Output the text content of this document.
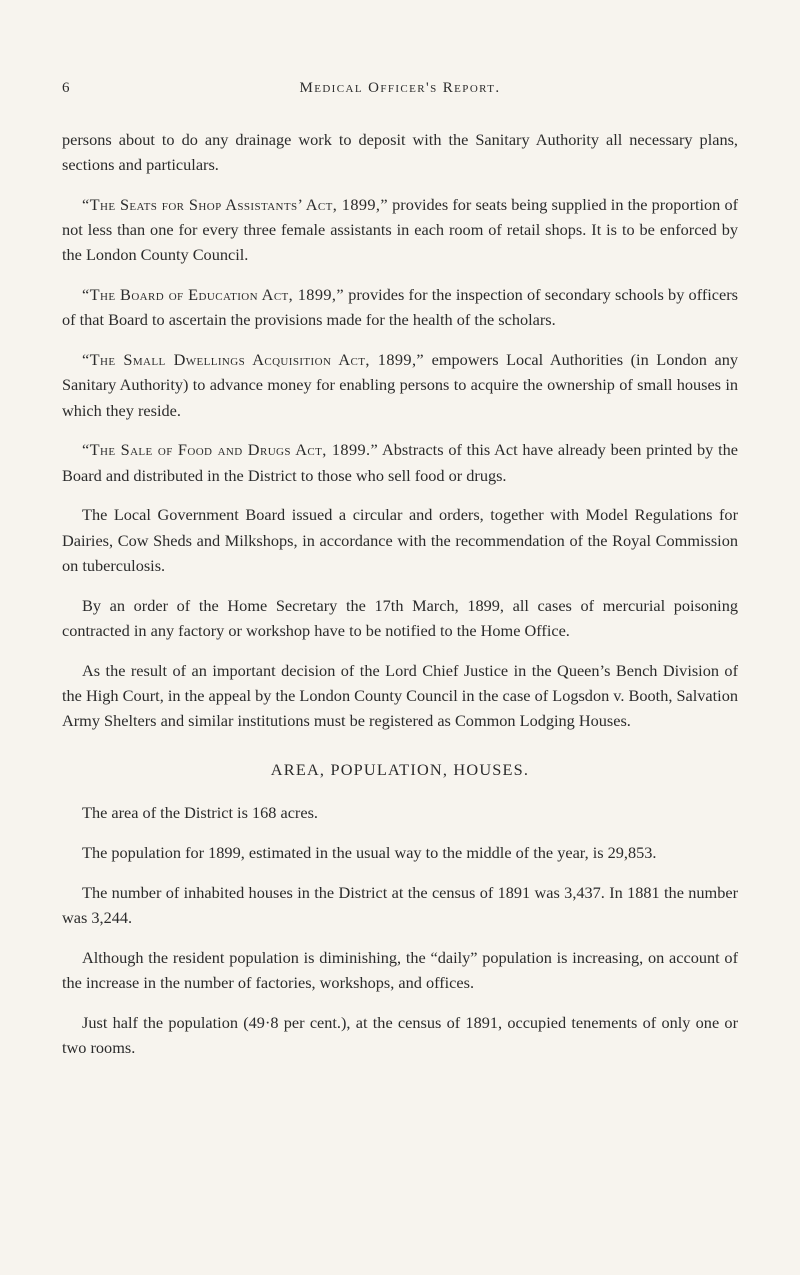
6	Medical Officer's Report.

persons about to do any drainage work to deposit with the Sanitary Authority all necessary plans, sections and particulars.

“The Seats for Shop Assistants’ Act, 1899,” provides for seats being supplied in the proportion of not less than one for every three female assistants in each room of retail shops. It is to be enforced by the London County Council.

“The Board of Education Act, 1899,” provides for the inspection of secondary schools by officers of that Board to ascertain the provisions made for the health of the scholars.

“The Small Dwellings Acquisition Act, 1899,” empowers Local Authorities (in London any Sanitary Authority) to advance money for enabling persons to acquire the ownership of small houses in which they reside.

“The Sale of Food and Drugs Act, 1899.” Abstracts of this Act have already been printed by the Board and distributed in the District to those who sell food or drugs.

The Local Government Board issued a circular and orders, together with Model Regulations for Dairies, Cow Sheds and Milkshops, in accordance with the recommendation of the Royal Commission on tuberculosis.

By an order of the Home Secretary the 17th March, 1899, all cases of mercurial poisoning contracted in any factory or workshop have to be notified to the Home Office.

As the result of an important decision of the Lord Chief Justice in the Queen’s Bench Division of the High Court, in the appeal by the London County Council in the case of Logsdon v. Booth, Salvation Army Shelters and similar institutions must be registered as Common Lodging Houses.

AREA, POPULATION, HOUSES.

The area of the District is 168 acres.

The population for 1899, estimated in the usual way to the middle of the year, is 29,853.

The number of inhabited houses in the District at the census of 1891 was 3,437. In 1881 the number was 3,244.

Although the resident population is diminishing, the “daily” population is increasing, on account of the increase in the number of factories, workshops, and offices.

Just half the population (49·8 per cent.), at the census of 1891, occupied tenements of only one or two rooms.
